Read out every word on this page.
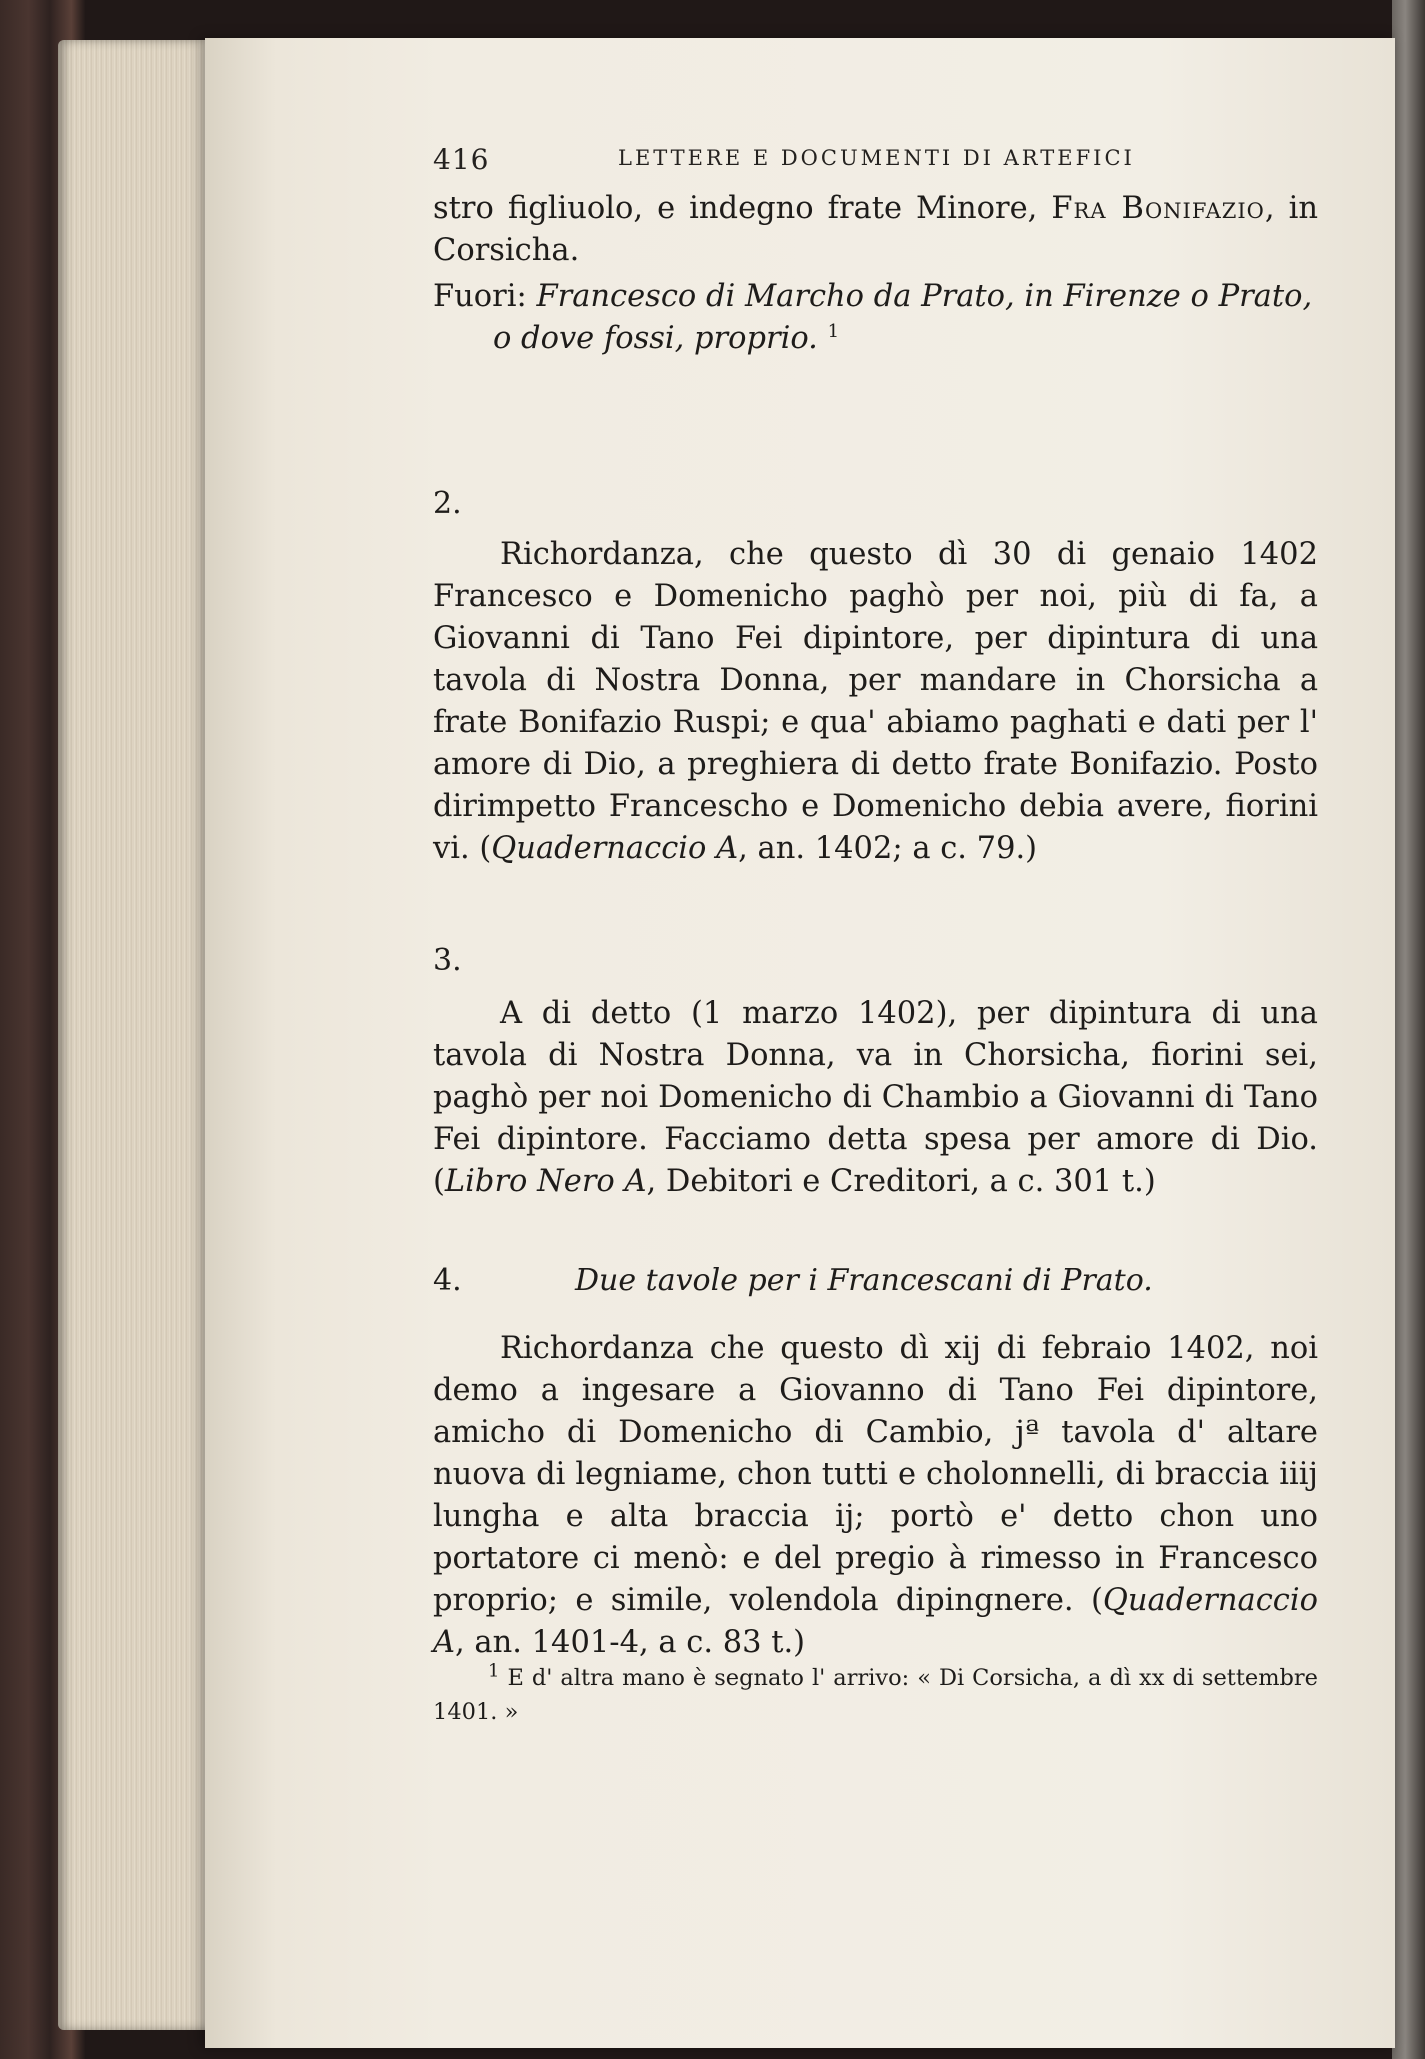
416	LETTERE E DOCUMENTI DI ARTEFICI
stro figliuolo, e indegno frate Minore, Fra Bonifazio, in Corsicha.
Fuori: Francesco di Marcho da Prato, in Firenze o Prato,
o dove fossi, proprio. $^1$
2.
Richordanza, che questo dì 30 di genaio 1402 Francesco e Domenicho paghò per noi, più di fa, a Giovanni di Tano Fei dipintore, per dipintura di una tavola di Nostra Donna, per mandare in Chorsicha a frate Bonifazio Ruspi; e qua' abiamo paghati e dati per l' amore di Dio, a preghiera di detto frate Bonifazio. Posto dirimpetto Francescho e Domenicho debia avere, fiorini vi. (Quadernaccio A, an. 1402; a c. 79.)
3.
A di detto (1 marzo 1402), per dipintura di una tavola di Nostra Donna, va in Chorsicha, fiorini sei, paghò per noi Domenicho di Chambio a Giovanni di Tano Fei dipintore. Facciamo detta spesa per amore di Dio. (Libro Nero A, Debitori e Creditori, a c. 301 t.)
4.	Due tavole per i Francescani di Prato.
Richordanza che questo dì xij di febraio 1402, noi demo a ingesare a Giovanno di Tano Fei dipintore, amicho di Domenicho di Cambio, jª tavola d' altare nuova di legniame, chon tutti e cholonnelli, di braccia iiij lungha e alta braccia ij; portò e' detto chon uno portatore ci menò: e del pregio à rimesso in Francesco proprio; e simile, volendola dipingnere. (Quadernaccio A, an. 1401-4, a c. 83 t.)
$^1$ E d' altra mano è segnato l' arrivo: « Di Corsicha, a dì xx di settembre 1401. »
